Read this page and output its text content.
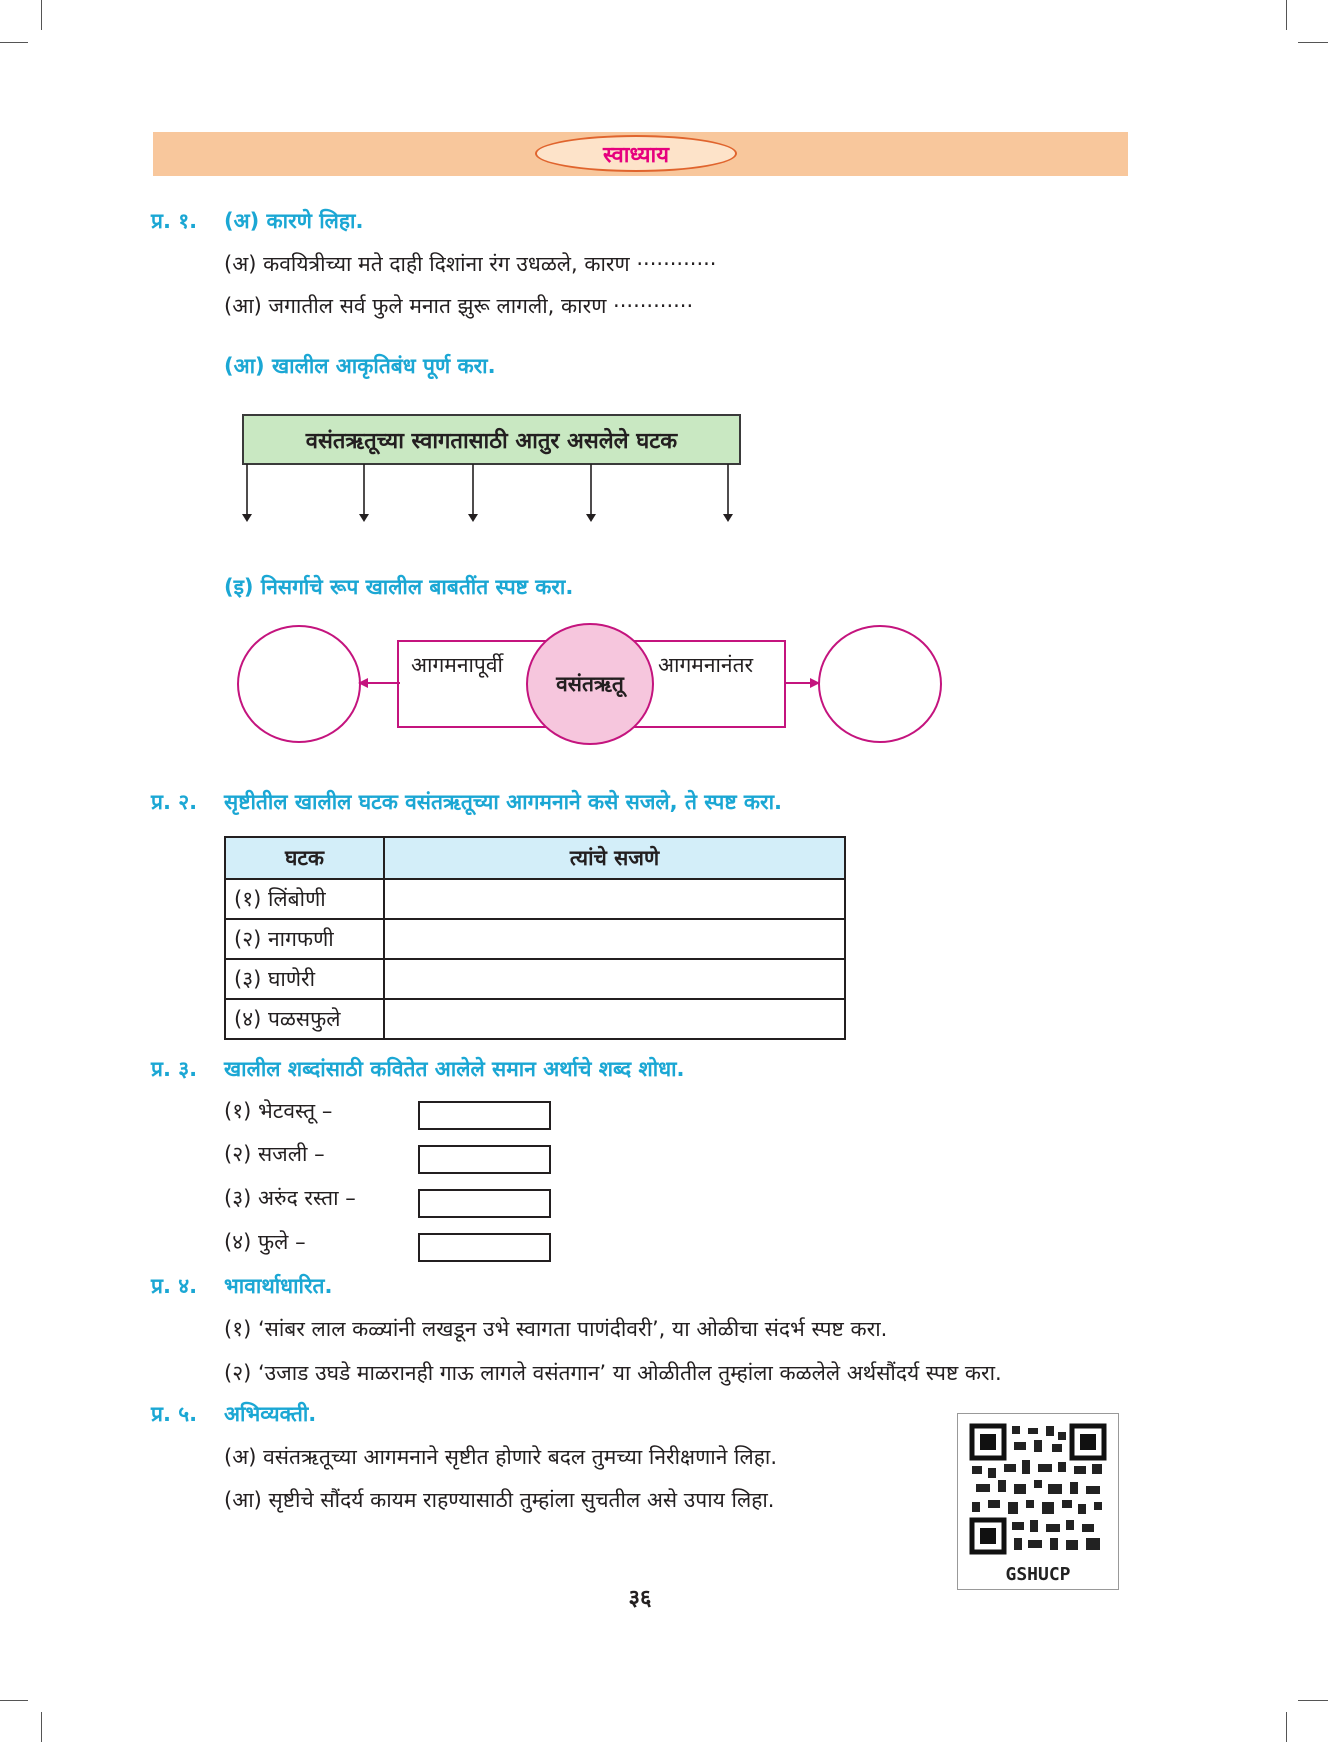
स्वाध्याय
प्र. १. (अ) कारणे लिहा.
(अ) कवयित्रीच्या मते दाही दिशांना रंग उधळले, कारण ············
(आ) जगातील सर्व फुले मनात झुरू लागली, कारण ············
(आ) खालील आकृतिबंध पूर्ण करा.
वसंतऋतूच्या स्वागतासाठी आतुर असलेले घटक
(इ) निसर्गाचे रूप खालील बाबतींत स्पष्ट करा.
आगमनापूर्वी	आगमनानंतर
वसंतऋतू
प्र. २. सृष्टीतील खालील घटक वसंतऋतूच्या आगमनाने कसे सजले, ते स्पष्ट करा.
घटक	त्यांचे सजणे
(१) लिंबोणी	
(२) नागफणी	
(३) घाणेरी	
(४) पळसफुले	
प्र. ३. खालील शब्दांसाठी कवितेत आलेले समान अर्थाचे शब्द शोधा.
(१) भेटवस्तू –
(२) सजली –
(३) अरुंद रस्ता –
(४) फुले –
प्र. ४. भावार्थाधारित.
(१) ‘सांबर लाल कळ्यांनी लखडून उभे स्वागता पाणंदीवरी’, या ओळीचा संदर्भ स्पष्ट करा.
(२) ‘उजाड उघडे माळरानही गाऊ लागले वसंतगान’ या ओळीतील तुम्हांला कळलेले अर्थसौंदर्य स्पष्ट करा.
प्र. ५. अभिव्यक्ती.
(अ) वसंतऋतूच्या आगमनाने सृष्टीत होणारे बदल तुमच्या निरीक्षणाने लिहा.
(आ) सृष्टीचे सौंदर्य कायम राहण्यासाठी तुम्हांला सुचतील असे उपाय लिहा.
GSHUCP
३६
